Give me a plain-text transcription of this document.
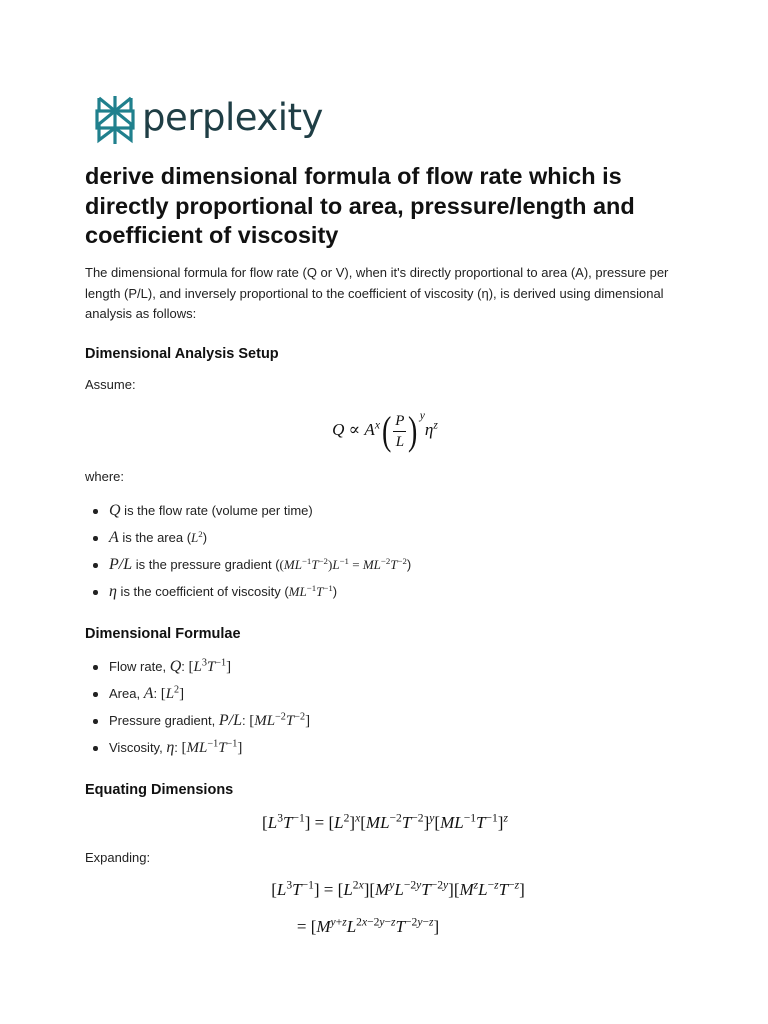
perplexity
derive dimensional formula of flow rate which is directly proportional to area, pressure/length and coefficient of viscosity

The dimensional formula for flow rate (Q or V), when it's directly proportional to area (A), pressure per length (P/L), and inversely proportional to the coefficient of viscosity (η), is derived using dimensional analysis as follows:

Dimensional Analysis Setup

Assume:

$Q \propto A^x( \frac{P}{L}$ ) $^y\eta^z$

where:

Q is the flow rate (volume per time)
A is the area $(L^2)$
P/L is the pressure gradient $((ML^{-1}T^{-2})L^{-1} = ML^{-2}T^{-2})$
η is the coefficient of viscosity $(ML^{-1}T^{-1})$
Dimensional Formulae
Flow rate, Q: $[L^3T^{-1}]$
Area, A: $[L^2]$
Pressure gradient, P/L: $[ML^{-2}T^{-2}]$
Viscosity, η: $[ML^{-1}T^{-1}]$
Equating Dimensions
$[L^3T^{-1}] = [L^2]^x[ML^{-2}T^{-2}]^y[ML^{-1}T^{-1}]^z$

Expanding:

$[L^3T^{-1}] = [L^{2x}][M^yL^{-2y}T^{-2y}][M^zL^{-z}T^{-z}]$
= $[M^{y+z}L^{2x-2y-z}T^{-2y-z}]$
